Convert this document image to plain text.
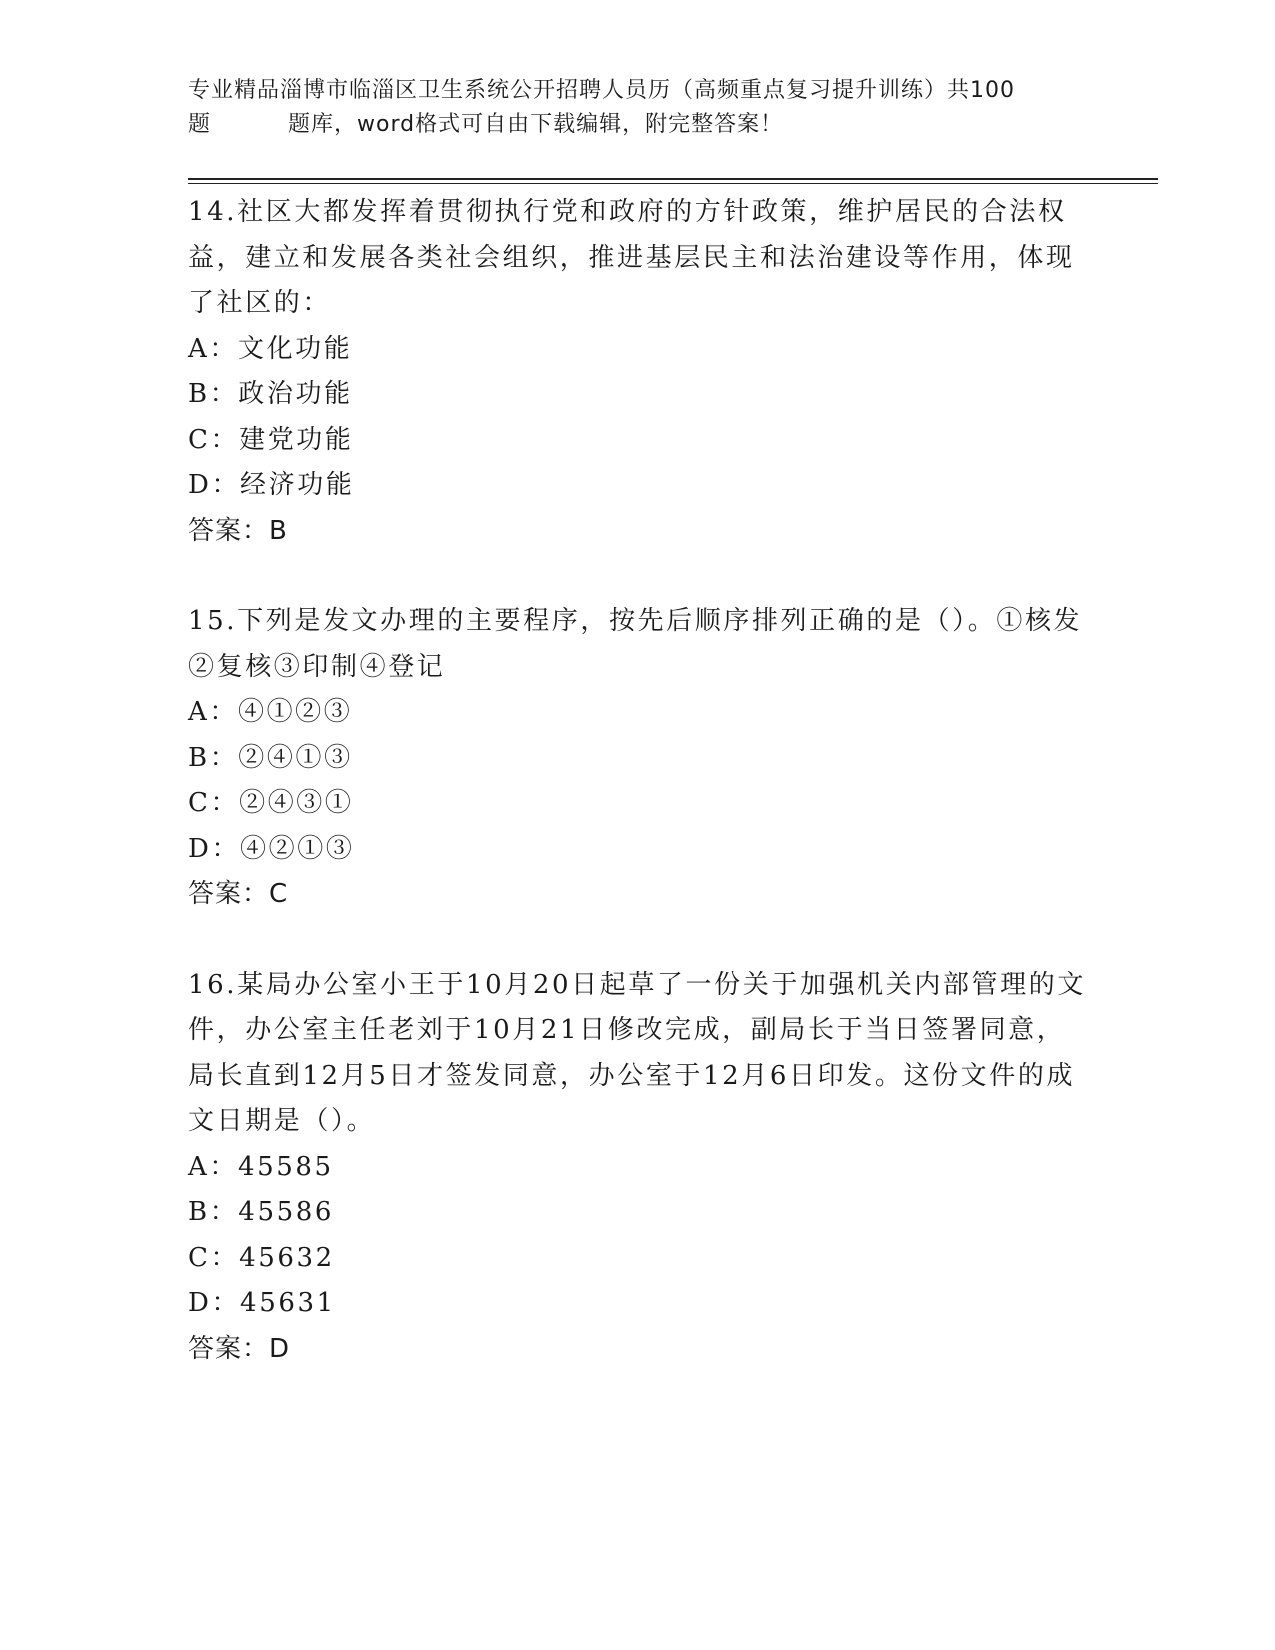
专业精品淄博市临淄区卫生系统公开招聘人员历（高频重点复习提升训练）共100
题	题库，word格式可自由下载编辑，附完整答案！

14.社区大都发挥着贯彻执行党和政府的方针政策，维护居民的合法权益，建立和发展各类社会组织，推进基层民主和法治建设等作用，体现了社区的：

A：文化功能

B：政治功能

C：建党功能

D：经济功能

答案：B

15.下列是发文办理的主要程序，按先后顺序排列正确的是（）。①核发②复核③印制④登记

A：④①②③

B：②④①③

C：②④③①

D：④②①③

答案：C

16.某局办公室小王于10月20日起草了一份关于加强机关内部管理的文件，办公室主任老刘于10月21日修改完成，副局长于当日签署同意，局长直到12月5日才签发同意，办公室于12月6日印发。这份文件的成文日期是（）。

A：45585

B：45586

C：45632

D：45631

答案：D
